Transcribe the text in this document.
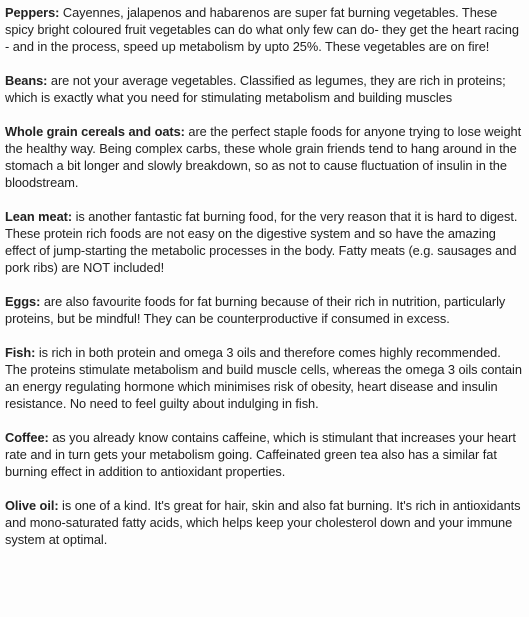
Peppers: Cayennes, jalapenos and habarenos are super fat burning vegetables. These spicy bright coloured fruit vegetables can do what only few can do- they get the heart racing - and in the process, speed up metabolism by upto 25%. These vegetables are on fire!

Beans: are not your average vegetables. Classified as legumes, they are rich in proteins; which is exactly what you need for stimulating metabolism and building muscles

Whole grain cereals and oats: are the perfect staple foods for anyone trying to lose weight the healthy way. Being complex carbs, these whole grain friends tend to hang around in the stomach a bit longer and slowly breakdown, so as not to cause fluctuation of insulin in the bloodstream.

Lean meat: is another fantastic fat burning food, for the very reason that it is hard to digest. These protein rich foods are not easy on the digestive system and so have the amazing effect of jump-starting the metabolic processes in the body. Fatty meats (e.g. sausages and pork ribs) are NOT included!

Eggs: are also favourite foods for fat burning because of their rich in nutrition, particularly proteins, but be mindful! They can be counterproductive if consumed in excess.

Fish: is rich in both protein and omega 3 oils and therefore comes highly recommended. The proteins stimulate metabolism and build muscle cells, whereas the omega 3 oils contain an energy regulating hormone which minimises risk of obesity, heart disease and insulin resistance. No need to feel guilty about indulging in fish.

Coffee: as you already know contains caffeine, which is stimulant that increases your heart rate and in turn gets your metabolism going. Caffeinated green tea also has a similar fat burning effect in addition to antioxidant properties.

Olive oil: is one of a kind. It's great for hair, skin and also fat burning. It's rich in antioxidants and mono-saturated fatty acids, which helps keep your cholesterol down and your immune system at optimal.
